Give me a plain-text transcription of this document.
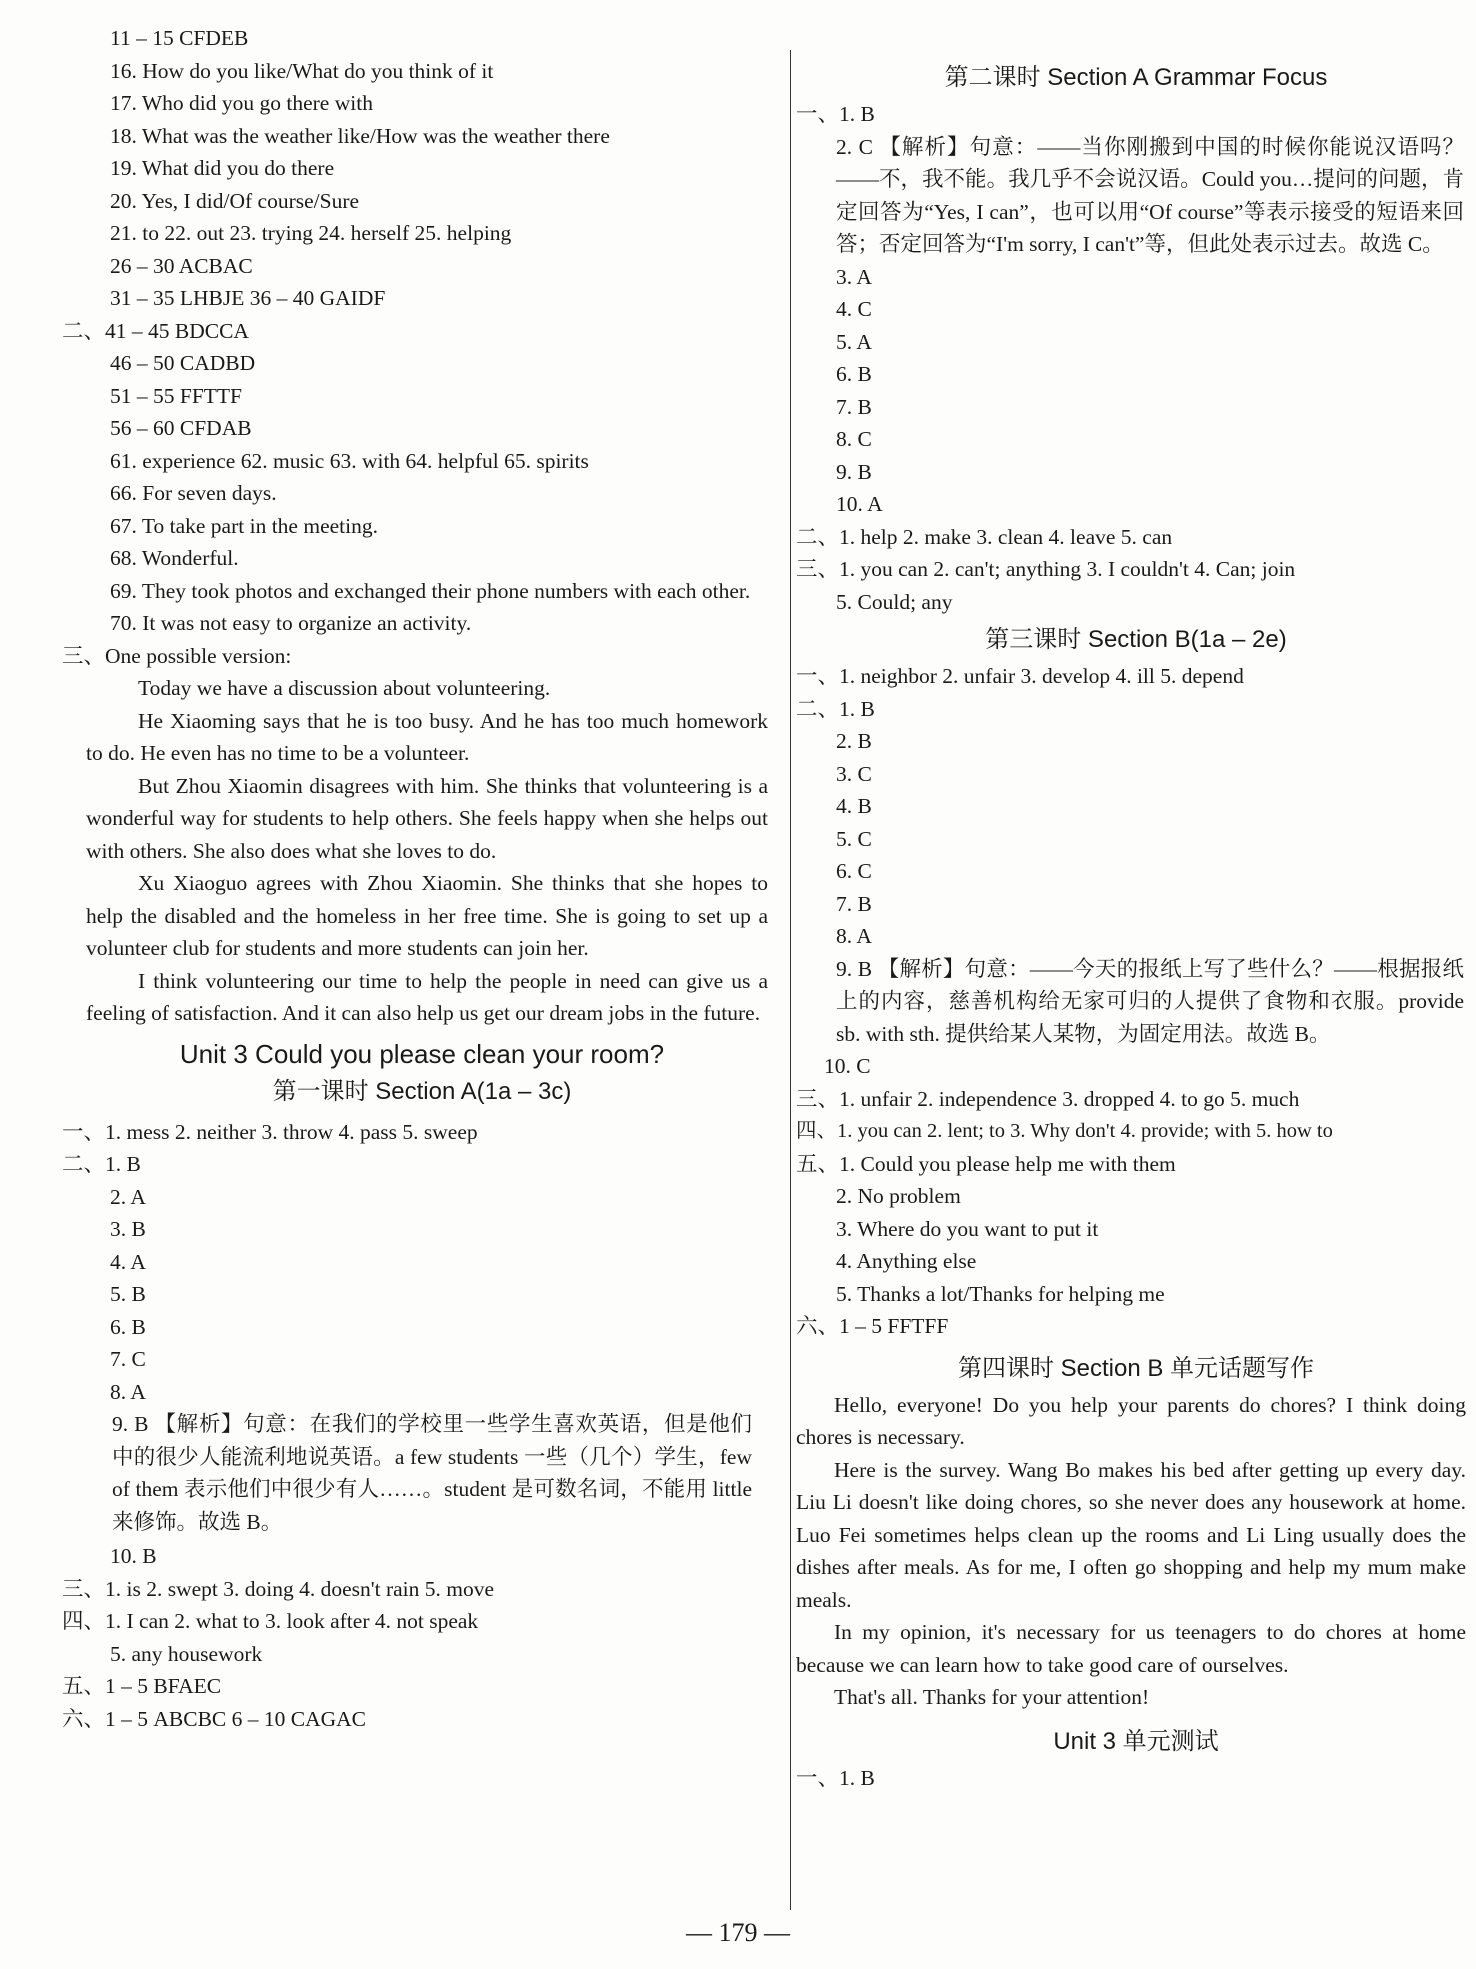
11 – 15 CFDEB
16. How do you like/What do you think of it
17. Who did you go there with
18. What was the weather like/How was the weather there
19. What did you do there
20. Yes, I did/Of course/Sure
21. to 22. out 23. trying 24. herself 25. helping
26 – 30 ACBAC
31 – 35 LHBJE 36 – 40 GAIDF
二、41 – 45 BDCCA
46 – 50 CADBD
51 – 55 FFTTF
56 – 60 CFDAB
61. experience 62. music 63. with 64. helpful 65. spirits
66. For seven days.
67. To take part in the meeting.
68. Wonderful.
69. They took photos and exchanged their phone numbers with each other.
70. It was not easy to organize an activity.
三、One possible version:
Today we have a discussion about volunteering.
He Xiaoming says that he is too busy. And he has too much homework to do. He even has no time to be a volunteer.
But Zhou Xiaomin disagrees with him. She thinks that volunteering is a wonderful way for students to help others. She feels happy when she helps out with others. She also does what she loves to do.
Xu Xiaoguo agrees with Zhou Xiaomin. She thinks that she hopes to help the disabled and the homeless in her free time. She is going to set up a volunteer club for students and more students can join her.
I think volunteering our time to help the people in need can give us a feeling of satisfaction. And it can also help us get our dream jobs in the future.
Unit 3 Could you please clean your room?
第一课时 Section A(1a – 3c)
一、1. mess 2. neither 3. throw 4. pass 5. sweep
二、1. B
2. A
3. B
4. A
5. B
6. B
7. C
8. A
9. B 【解析】句意：在我们的学校里一些学生喜欢英语，但是他们中的很少人能流利地说英语。a few students 一些（几个）学生，few of them 表示他们中很少有人……。student 是可数名词，不能用 little 来修饰。故选 B。
10. B
三、1. is 2. swept 3. doing 4. doesn't rain 5. move
四、1. I can 2. what to 3. look after 4. not speak
5. any housework
五、1 – 5 BFAEC
六、1 – 5 ABCBC 6 – 10 CAGAC
第二课时 Section A Grammar Focus
一、1. B
2. C 【解析】句意：——当你刚搬到中国的时候你能说汉语吗？——不，我不能。我几乎不会说汉语。Could you…提问的问题，肯定回答为“Yes, I can”，也可以用“Of course”等表示接受的短语来回答；否定回答为“I'm sorry, I can't”等，但此处表示过去。故选 C。
3. A
4. C
5. A
6. B
7. B
8. C
9. B
10. A
二、1. help 2. make 3. clean 4. leave 5. can
三、1. you can 2. can't; anything 3. I couldn't 4. Can; join
5. Could; any
第三课时 Section B(1a – 2e)
一、1. neighbor 2. unfair 3. develop 4. ill 5. depend
二、1. B
2. B
3. C
4. B
5. C
6. C
7. B
8. A
9. B 【解析】句意：——今天的报纸上写了些什么？——根据报纸上的内容，慈善机构给无家可归的人提供了食物和衣服。provide sb. with sth. 提供给某人某物，为固定用法。故选 B。
10. C
三、1. unfair 2. independence 3. dropped 4. to go 5. much
四、1. you can 2. lent; to 3. Why don't 4. provide; with 5. how to
五、1. Could you please help me with them
2. No problem
3. Where do you want to put it
4. Anything else
5. Thanks a lot/Thanks for helping me
六、1 – 5 FFTFF
第四课时 Section B 单元话题写作
Hello, everyone! Do you help your parents do chores? I think doing chores is necessary.
Here is the survey. Wang Bo makes his bed after getting up every day. Liu Li doesn't like doing chores, so she never does any housework at home. Luo Fei sometimes helps clean up the rooms and Li Ling usually does the dishes after meals. As for me, I often go shopping and help my mum make meals.
In my opinion, it's necessary for us teenagers to do chores at home because we can learn how to take good care of ourselves.
That's all. Thanks for your attention!
Unit 3 单元测试
一、1. B
— 179 —
